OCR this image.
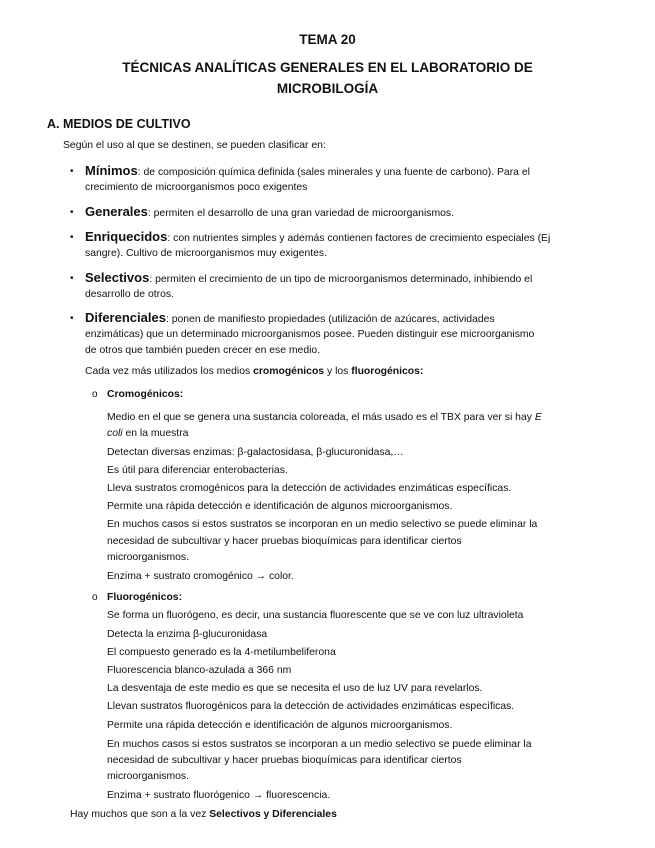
TEMA 20
TÉCNICAS ANALÍTICAS GENERALES EN EL LABORATORIO DE
MICROBILOGÍA
A. MEDIOS DE CULTIVO
Según el uso al que se destinen, se pueden clasificar en:
• Mínimos: de composición química definida (sales minerales y una fuente de carbono). Para el
crecimiento de microorganismos poco exigentes
• Generales: permiten el desarrollo de una gran variedad de microorganismos.
• Enriquecidos: con nutrientes simples y además contienen factores de crecimiento especiales (Ej
sangre). Cultivo de microorganismos muy exigentes.
• Selectivos: permiten el crecimiento de un tipo de microorganismos determinado, inhibiendo el
desarrollo de otros.
• Diferenciales: ponen de manifiesto propiedades (utilización de azúcares, actividades
enzimáticas) que un determinado microorganismos posee. Pueden distinguir ese microorganismo
de otros que también pueden crecer en ese medio.
Cada vez más utilizados los medios cromogénicos y los fluorogénicos:
o Cromogénicos:
Medio en el que se genera una sustancia coloreada, el más usado es el TBX para ver si hay E
coli en la muestra
Detectan diversas enzimas: β-galactosidasa, β-glucuronidasa,…
Es útil para diferenciar enterobacterias.
Lleva sustratos cromogénicos para la detección de actividades enzimáticas específicas.
Permite una rápida detección e identificación de algunos microorganismos.
En muchos casos si estos sustratos se incorporan en un medio selectivo se puede eliminar la
necesidad de subcultivar y hacer pruebas bioquímicas para identificar ciertos
microorganismos.
Enzima + sustrato cromogénico → color.
o Fluorogénicos:
Se forma un fluorógeno, es decir, una sustancia fluorescente que se ve con luz ultravioleta
Detecta la enzima β-glucuronidasa
El compuesto generado es la 4-metilumbeliferona
Fluorescencia blanco-azulada a 366 nm
La desventaja de este medio es que se necesita el uso de luz UV para revelarlos.
Llevan sustratos fluorogénicos para la detección de actividades enzimáticas específicas.
Permite una rápida detección e identificación de algunos microorganismos.
En muchos casos si estos sustratos se incorporan a un medio selectivo se puede eliminar la
necesidad de subcultivar y hacer pruebas bioquímicas para identificar ciertos
microorganismos.
Enzima + sustrato fluorógenico → fluorescencia.
Hay muchos que son a la vez Selectivos y Diferenciales
